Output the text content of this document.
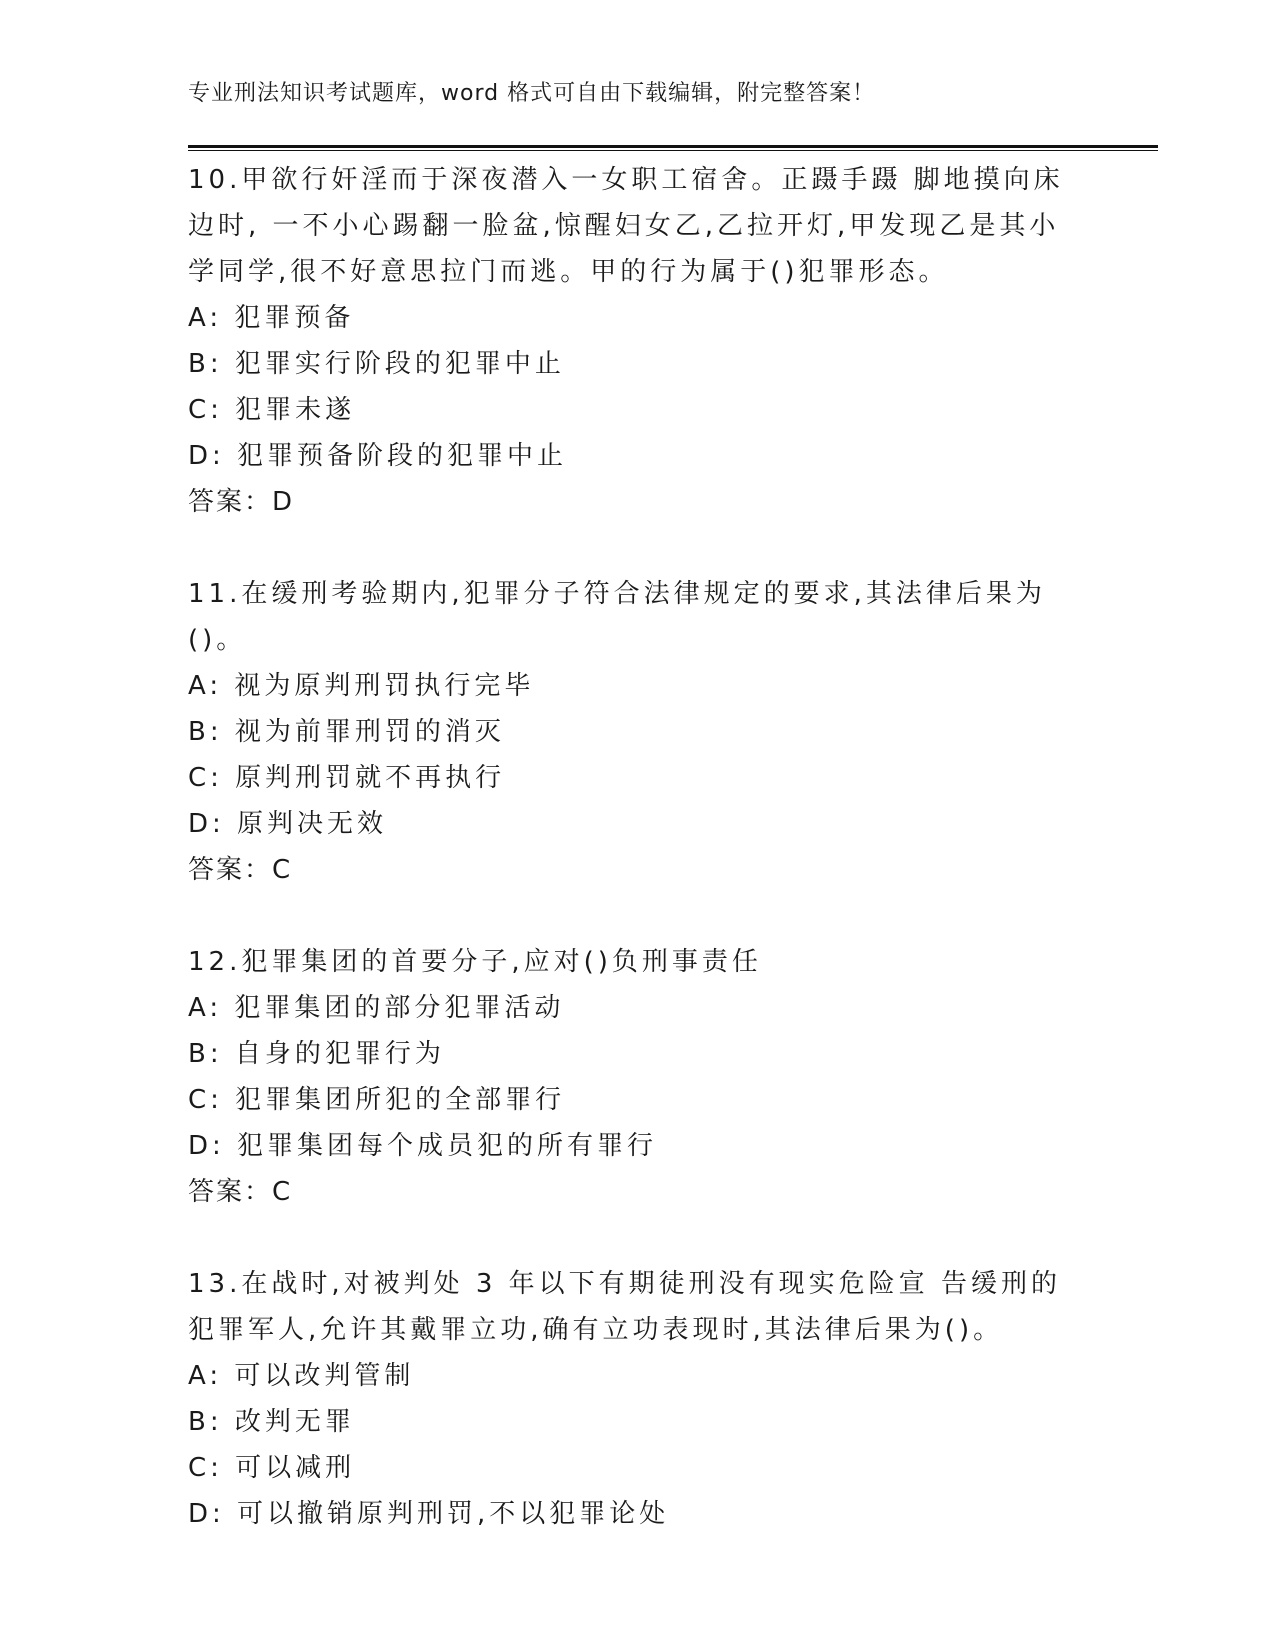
专业刑法知识考试题库，word 格式可自由下载编辑，附完整答案！

10.甲欲行奸淫而于深夜潜入一女职工宿舍。正蹑手蹑 脚地摸向床边时, 一不小心踢翻一脸盆,惊醒妇女乙,乙拉开灯,甲发现乙是其小学同学,很不好意思拉门而逃。甲的行为属于()犯罪形态。

A: 犯罪预备
B: 犯罪实行阶段的犯罪中止
C: 犯罪未遂
D: 犯罪预备阶段的犯罪中止
答案：D

11.在缓刑考验期内,犯罪分子符合法律规定的要求,其法律后果为()。

A: 视为原判刑罚执行完毕
B: 视为前罪刑罚的消灭
C: 原判刑罚就不再执行
D: 原判决无效
答案：C

12.犯罪集团的首要分子,应对()负刑事责任

A: 犯罪集团的部分犯罪活动
B: 自身的犯罪行为
C: 犯罪集团所犯的全部罪行
D: 犯罪集团每个成员犯的所有罪行
答案：C

13.在战时,对被判处 3 年以下有期徒刑没有现实危险宣 告缓刑的犯罪军人,允许其戴罪立功,确有立功表现时,其法律后果为()。

A: 可以改判管制
B: 改判无罪
C: 可以减刑
D: 可以撤销原判刑罚,不以犯罪论处
